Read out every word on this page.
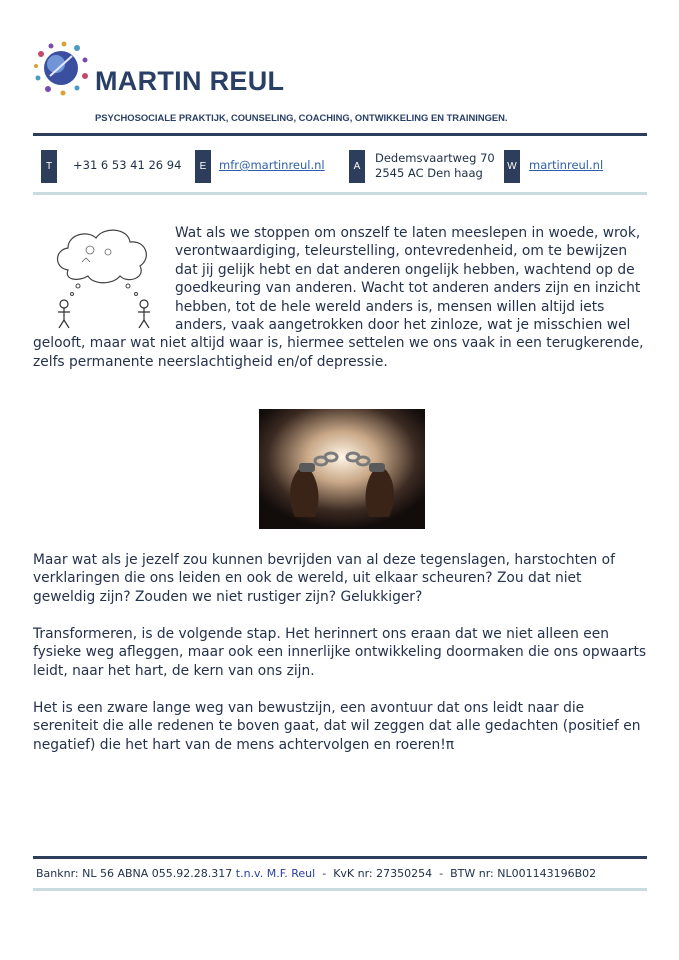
MARTIN REUL
PSYCHOSOCIALE PRAKTIJK, COUNSELING, COACHING, ONTWIKKELING EN TRAININGEN.
T	+31 6 53 41 26 94	E	mfr@martinreul.nl	A
Dedemsvaartweg 70
2545 AC Den haag	W martinreul.nl

Wat als we stoppen om onszelf te laten meeslepen in woede, wrok, verontwaardiging, teleurstelling, ontevredenheid, om te bewijzen dat jij gelijk hebt en dat anderen ongelijk hebben, wachtend op de goedkeuring van anderen. Wacht tot anderen anders zijn en inzicht hebben, tot de hele wereld anders is, mensen willen altijd iets anders, vaak aangetrokken door het zinloze, wat je misschien wel gelooft, maar wat niet altijd waar is, hiermee settelen we ons vaak in een terugkerende, zelfs permanente neerslachtigheid en/of depressie.

Maar wat als je jezelf zou kunnen bevrijden van al deze tegenslagen, harstochten of verklaringen die ons leiden en ook de wereld, uit elkaar scheuren? Zou dat niet geweldig zijn? Zouden we niet rustiger zijn? Gelukkiger?

Transformeren, is de volgende stap. Het herinnert ons eraan dat we niet alleen een fysieke weg afleggen, maar ook een innerlijke ontwikkeling doormaken die ons opwaarts leidt, naar het hart, de kern van ons zijn.

Het is een zware lange weg van bewustzijn, een avontuur dat ons leidt naar die sereniteit die alle redenen te boven gaat, dat wil zeggen dat alle gedachten (positief en negatief) die het hart van de mens achtervolgen en roeren!π

Banknr: NL 56 ABNA 055.92.28.317 t.n.v. M.F. Reul - KvK nr: 27350254 - BTW nr: NL001143196B02
